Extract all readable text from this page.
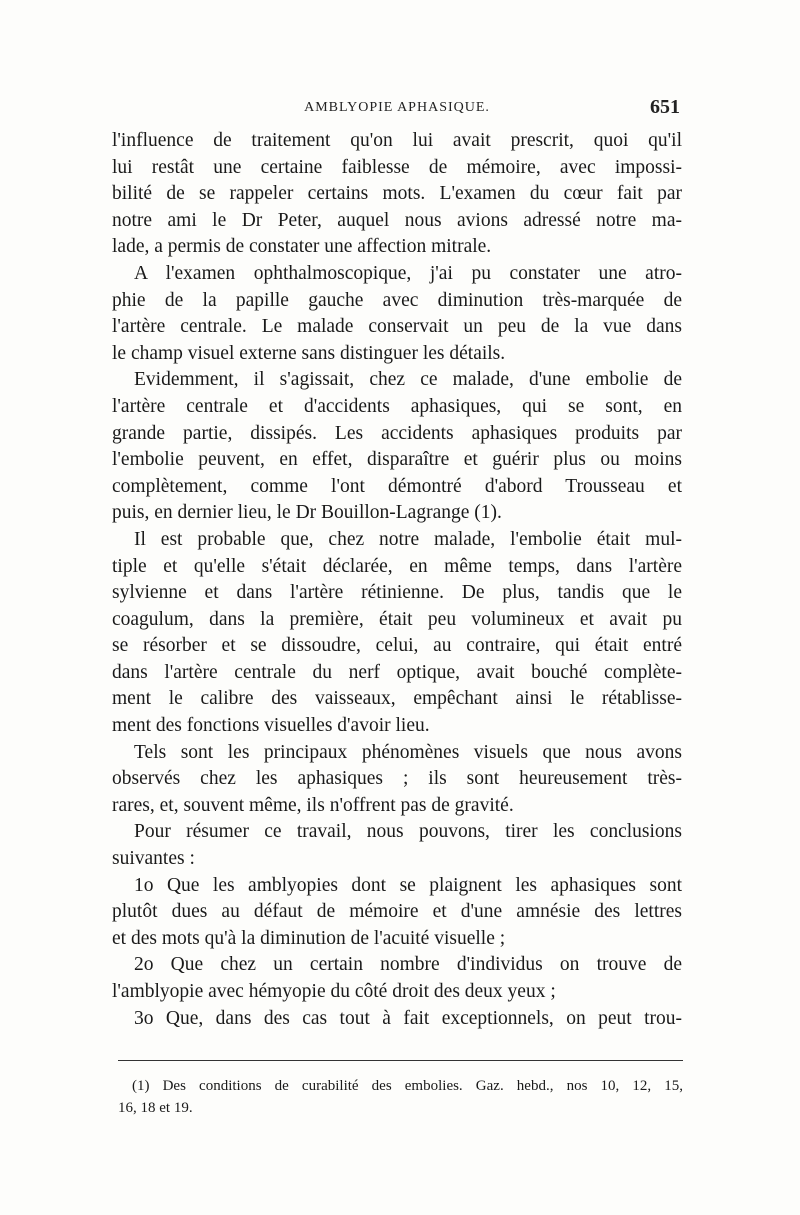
AMBLYOPIE APHASIQUE.	651
l'influence de traitement qu'on lui avait prescrit, quoi qu'il
lui restât une certaine faiblesse de mémoire, avec impossi-
bilité de se rappeler certains mots. L'examen du cœur fait par
notre ami le Dr Peter, auquel nous avions adressé notre ma-
lade, a permis de constater une affection mitrale.
A l'examen ophthalmoscopique, j'ai pu constater une atro-
phie de la papille gauche avec diminution très-marquée de
l'artère centrale. Le malade conservait un peu de la vue dans
le champ visuel externe sans distinguer les détails.
Evidemment, il s'agissait, chez ce malade, d'une embolie de
l'artère centrale et d'accidents aphasiques, qui se sont, en
grande partie, dissipés. Les accidents aphasiques produits par
l'embolie peuvent, en effet, disparaître et guérir plus ou moins
complètement, comme l'ont démontré d'abord Trousseau et
puis, en dernier lieu, le Dr Bouillon-Lagrange (1).
Il est probable que, chez notre malade, l'embolie était mul-
tiple et qu'elle s'était déclarée, en même temps, dans l'artère
sylvienne et dans l'artère rétinienne. De plus, tandis que le
coagulum, dans la première, était peu volumineux et avait pu
se résorber et se dissoudre, celui, au contraire, qui était entré
dans l'artère centrale du nerf optique, avait bouché complète-
ment le calibre des vaisseaux, empêchant ainsi le rétablisse-
ment des fonctions visuelles d'avoir lieu.
Tels sont les principaux phénomènes visuels que nous avons
observés chez les aphasiques ; ils sont heureusement très-
rares, et, souvent même, ils n'offrent pas de gravité.
Pour résumer ce travail, nous pouvons, tirer les conclusions
suivantes :
1o Que les amblyopies dont se plaignent les aphasiques sont
plutôt dues au défaut de mémoire et d'une amnésie des lettres
et des mots qu'à la diminution de l'acuité visuelle ;
2o Que chez un certain nombre d'individus on trouve de
l'amblyopie avec hémyopie du côté droit des deux yeux ;
3o Que, dans des cas tout à fait exceptionnels, on peut trou-
(1) Des conditions de curabilité des embolies. Gaz. hebd., nos 10, 12, 15,
16, 18 et 19.
